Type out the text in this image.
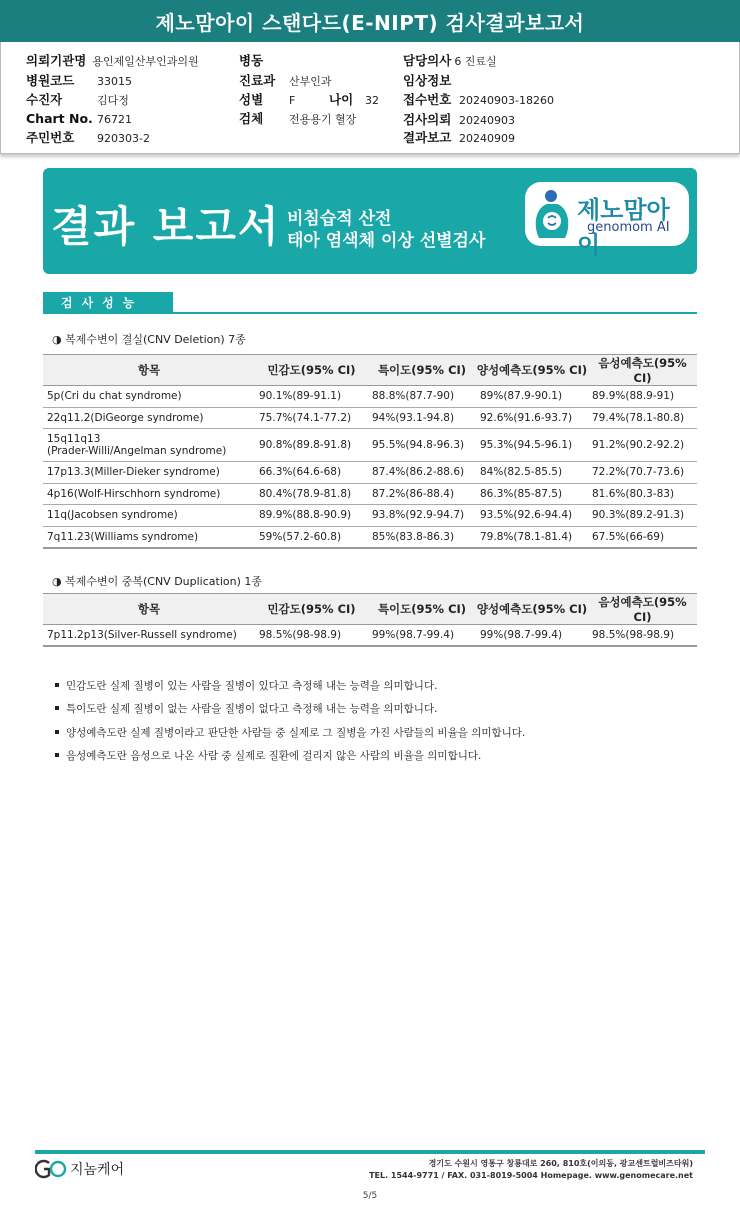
제노맘아이 스탠다드(E-NIPT) 검사결과보고서
의뢰기관명 용인제일산부인과의원
병원코드 33015
수진자	김다정
Chart No. 76721
주민번호 920303-2
병동
진료과 산부인과
성별 F	나이 32
검체 전용용기 혈장
담당의사 6 진료실
임상정보
접수번호 20240903-18260
검사의뢰 20240903
결과보고 20240909
결과 보고서 비침습적 산전
태아 염색체 이상 선별검사
제노맘아이
genomom AI
검사성능
◑ 복제수변이 결실(CNV Deletion) 7종
항목	민감도(95% CI)	특이도(95% CI)	양성예측도(95% CI)	음성예측도(95% CI)
5p(Cri du chat syndrome)	90.1%(89-91.1)	88.8%(87.7-90)	89%(87.9-90.1)	89.9%(88.9-91)
22q11.2(DiGeorge syndrome)	75.7%(74.1-77.2)	94%(93.1-94.8)	92.6%(91.6-93.7)	79.4%(78.1-80.8)

15q11q13
(Prader-Willi/Angelman syndrome)	90.8%(89.8-91.8)	95.5%(94.8-96.3)	95.3%(94.5-96.1)	91.2%(90.2-92.2)
17p13.3(Miller-Dieker syndrome)	66.3%(64.6-68)	87.4%(86.2-88.6)	84%(82.5-85.5)	72.2%(70.7-73.6)
4p16(Wolf-Hirschhorn syndrome)	80.4%(78.9-81.8)	87.2%(86-88.4)	86.3%(85-87.5)	81.6%(80.3-83)
11q(Jacobsen syndrome)	89.9%(88.8-90.9)	93.8%(92.9-94.7)	93.5%(92.6-94.4)	90.3%(89.2-91.3)
7q11.23(Williams syndrome)	59%(57.2-60.8)	85%(83.8-86.3)	79.8%(78.1-81.4)	67.5%(66-69)
◑ 복제수변이 중복(CNV Duplication) 1종
항목	민감도(95% CI)	특이도(95% CI)	양성예측도(95% CI)	음성예측도(95% CI)
7p11.2p13(Silver-Russell syndrome)	98.5%(98-98.9)	99%(98.7-99.4)	99%(98.7-99.4)	98.5%(98-98.9)
민감도란 실제 질병이 있는 사람을 질병이 있다고 측정해 내는 능력을 의미합니다.
특이도란 실제 질병이 없는 사람을 질병이 없다고 측정해 내는 능력을 의미합니다.
양성예측도란 실제 질병이라고 판단한 사람들 중 실제로 그 질병을 가진 사람들의 비율을 의미합니다.
음성예측도란 음성으로 나온 사람 중 실제로 질환에 걸리지 않은 사람의 비율을 의미합니다.
지놈케어	경기도 수원시 영통구 창룡대로 260, 810호(이의동, 광교센트럴비즈타워)
TEL. 1544-9771 / FAX. 031-8019-5004 Homepage. www.genomecare.net
5/5
